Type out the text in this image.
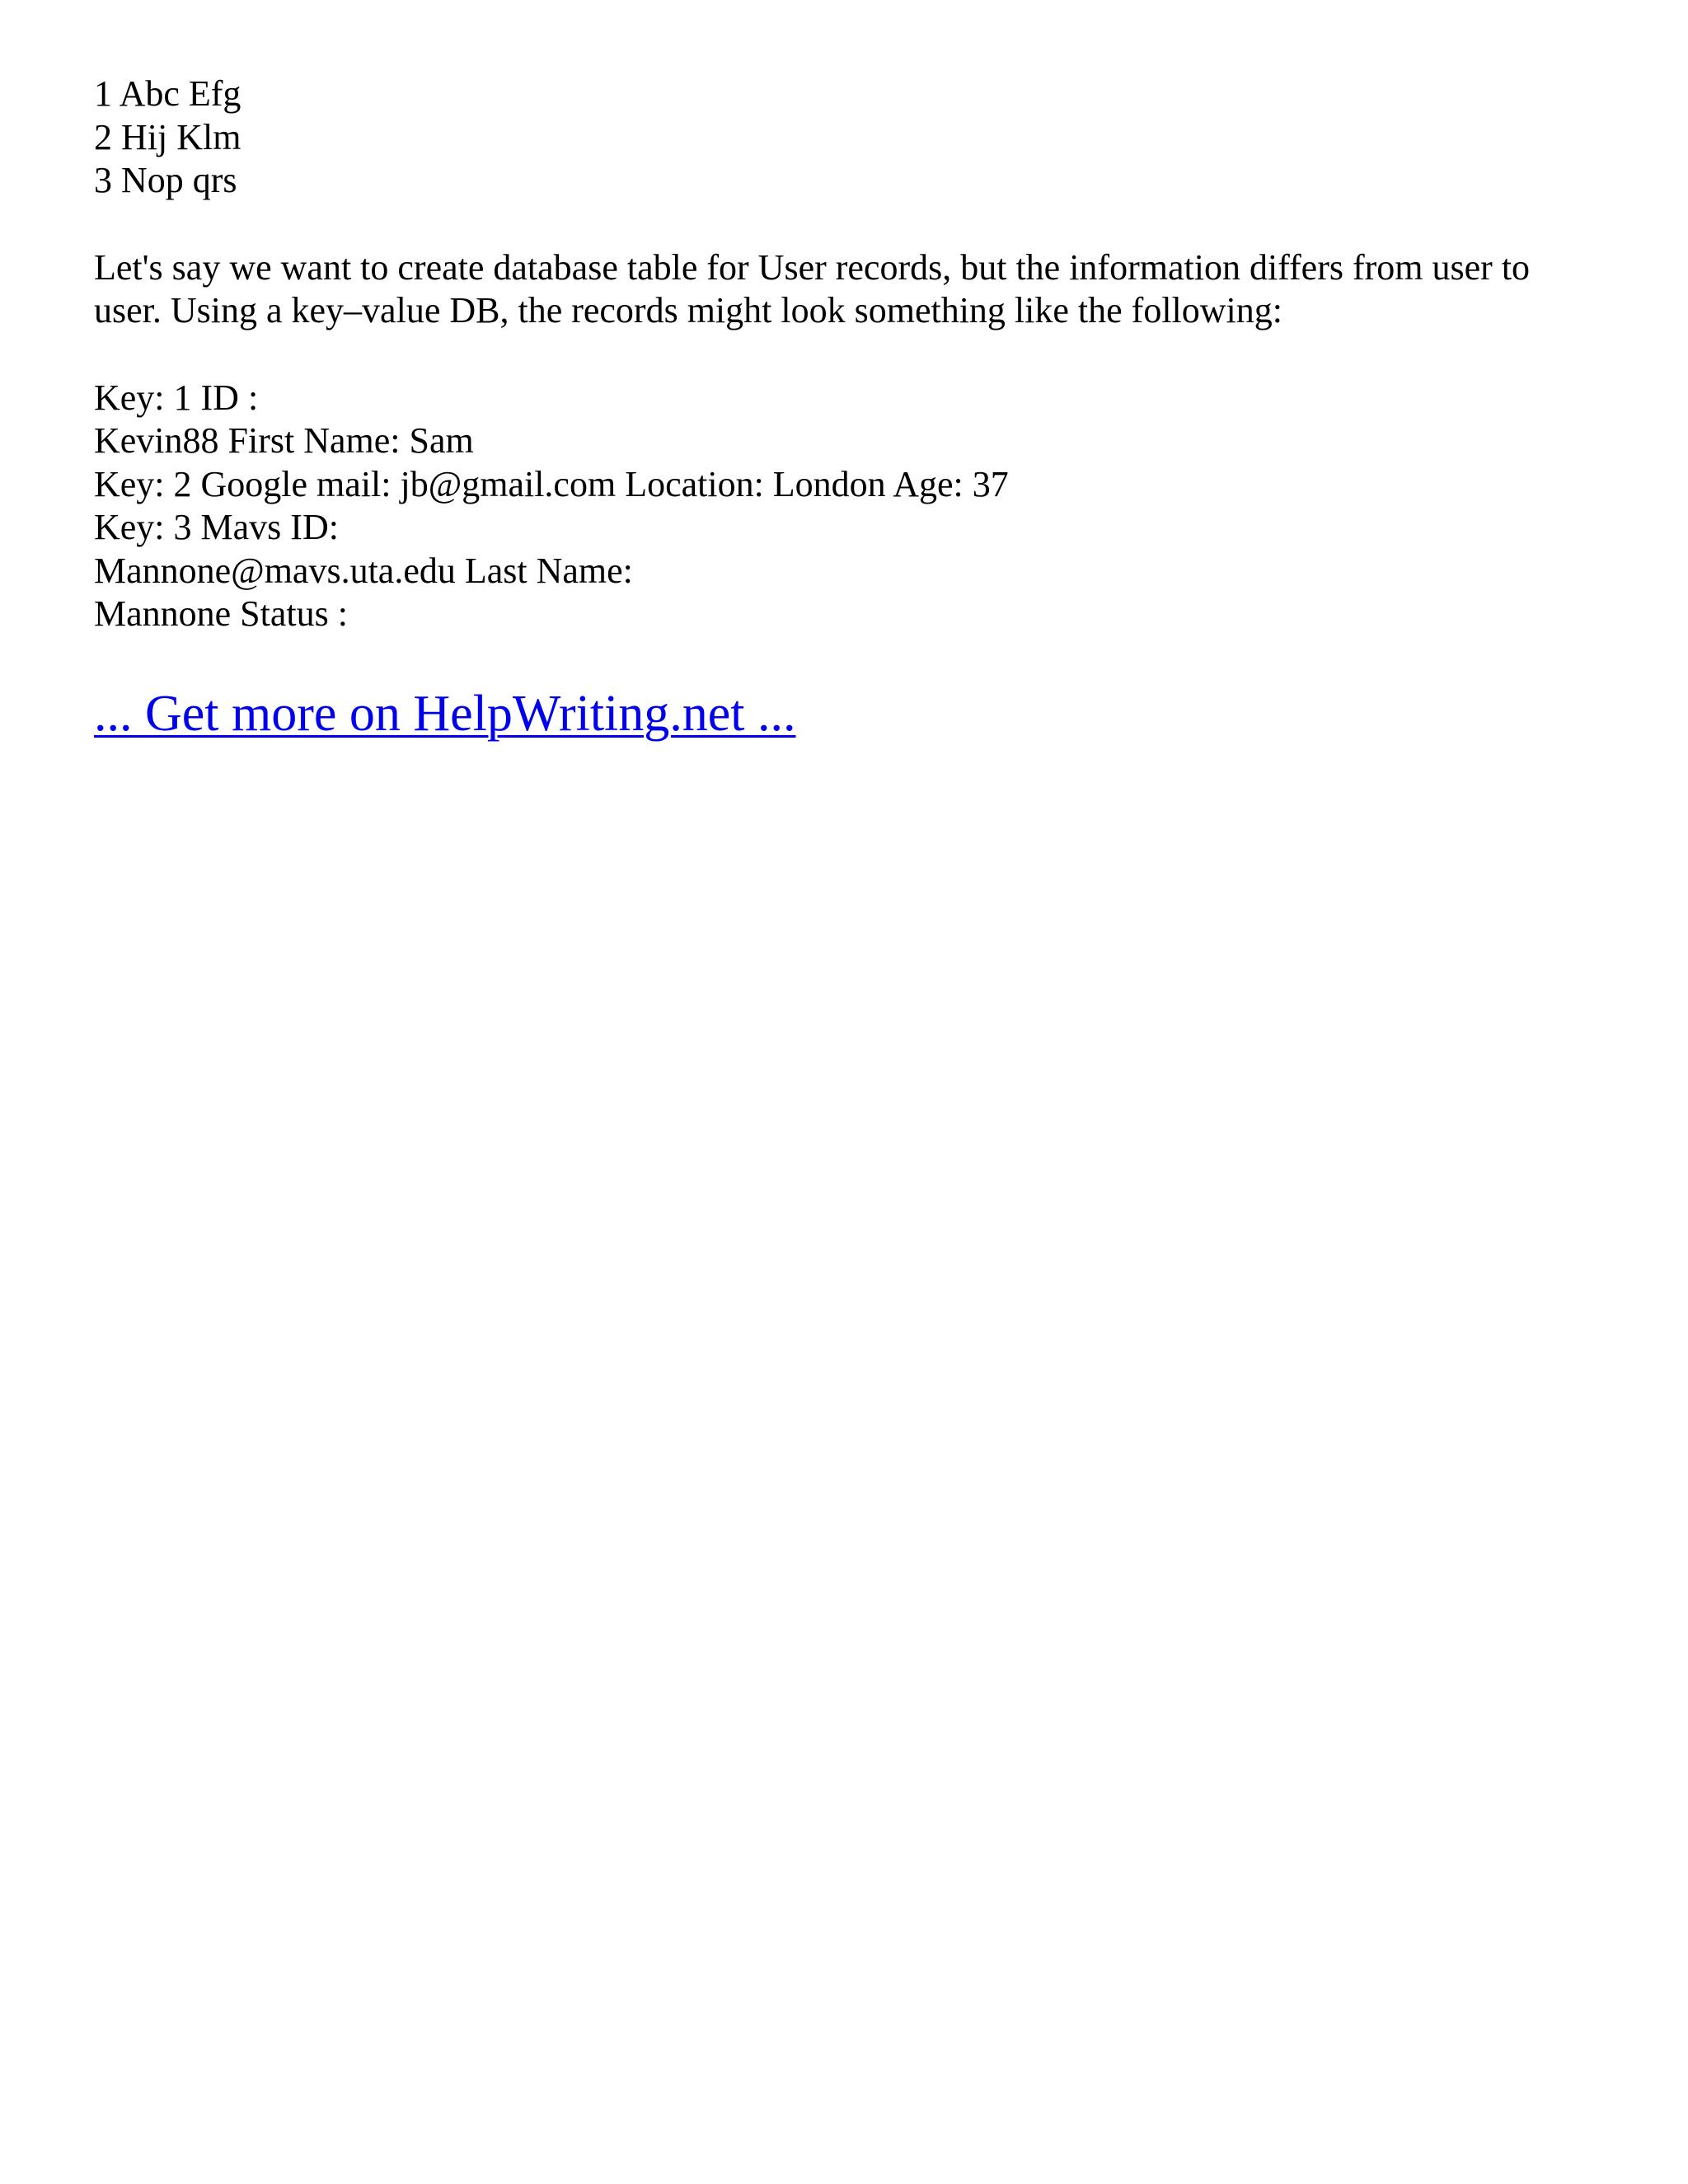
1 Abc Efg
2 Hij Klm
3 Nop qrs

Let's say we want to create database table for User records, but the information differs from user to user. Using a key–value DB, the records might look something like the following:

Key: 1 ID :
Kevin88 First Name: Sam
Key: 2 Google mail: jb@gmail.com Location: London Age: 37
Key: 3 Mavs ID:
Mannone@mavs.uta.edu Last Name:
Mannone Status :
... Get more on HelpWriting.net ...
